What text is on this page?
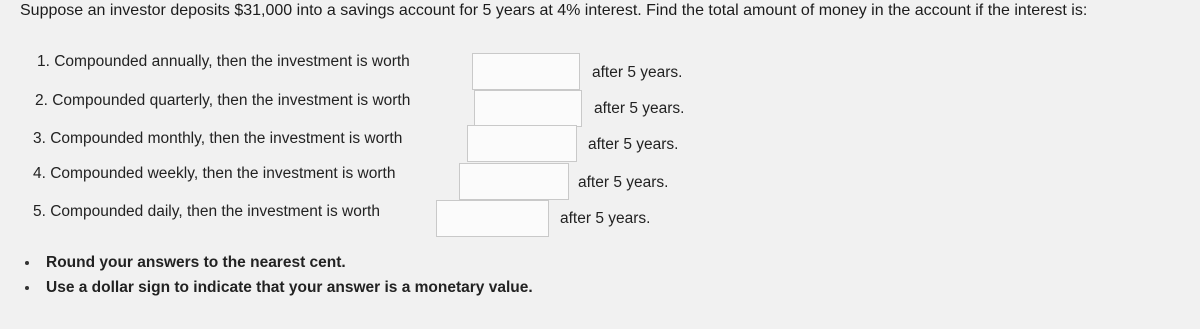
Suppose an investor deposits $31,000 into a savings account for 5 years at 4% interest. Find the total amount of money in the account if the interest is:
1. Compounded annually, then the investment is worth
after 5 years.
2. Compounded quarterly, then the investment is worth	after 5 years.
3. Compounded monthly, then the investment is worth	after 5 years.
4. Compounded weekly, then the investment is worth
after 5 years.
5. Compounded daily, then the investment is worth	after 5 years.
Round your answers to the nearest cent.
Use a dollar sign to indicate that your answer is a monetary value.
